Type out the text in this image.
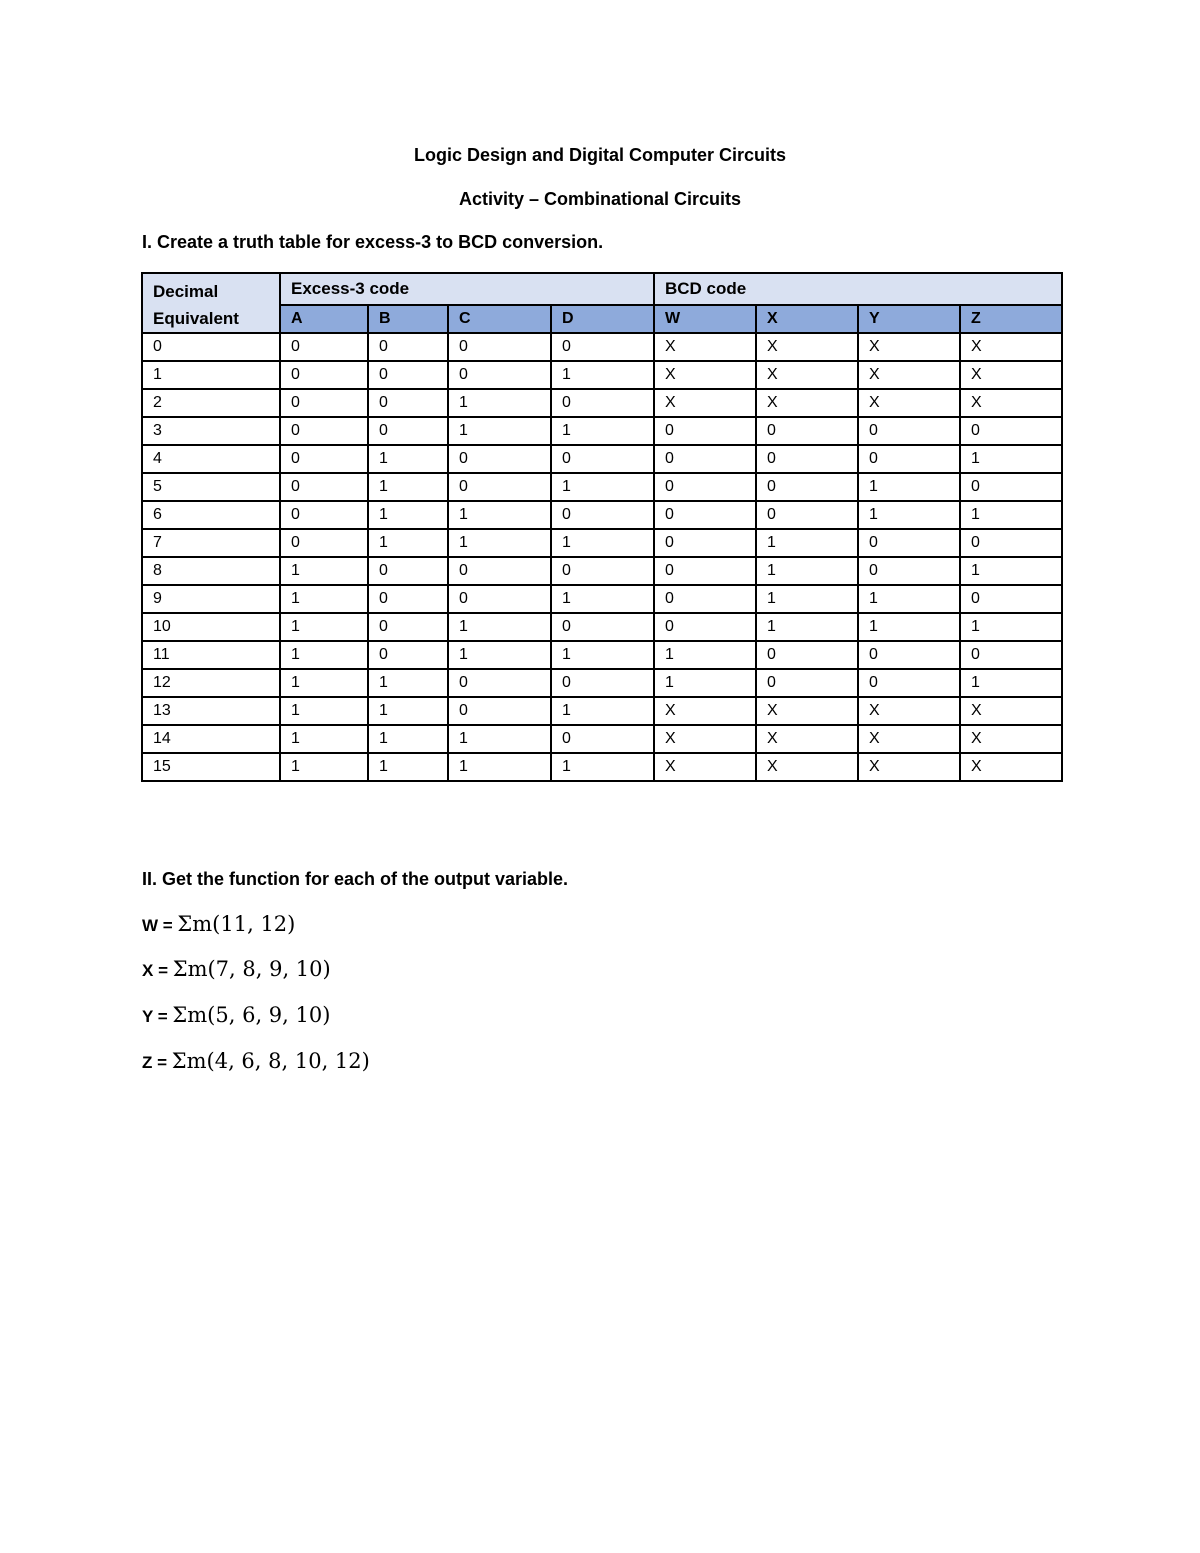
Logic Design and Digital Computer Circuits
Activity – Combinational Circuits
I. Create a truth table for excess-3 to BCD conversion.
Decimal
Equivalent	Excess-3 code				BCD code			
	A	B	C	D	W	X	Y	Z
0	0	0	0	0	X	X	X	X
1	0	0	0	1	X	X	X	X
2	0	0	1	0	X	X	X	X
3	0	0	1	1	0	0	0	0
4	0	1	0	0	0	0	0	1
5	0	1	0	1	0	0	1	0
6	0	1	1	0	0	0	1	1
7	0	1	1	1	0	1	0	0
8	1	0	0	0	0	1	0	1
9	1	0	0	1	0	1	1	0
10	1	0	1	0	0	1	1	1
11	1	0	1	1	1	0	0	0
12	1	1	0	0	1	0	0	1
13	1	1	0	1	X	X	X	X
14	1	1	1	0	X	X	X	X
15	1	1	1	1	X	X	X	X
II. Get the function for each of the output variable.
W = Σm(11, 12)
X = Σm(7, 8, 9, 10)
Y = Σm(5, 6, 9, 10)
Z = Σm(4, 6, 8, 10, 12)
